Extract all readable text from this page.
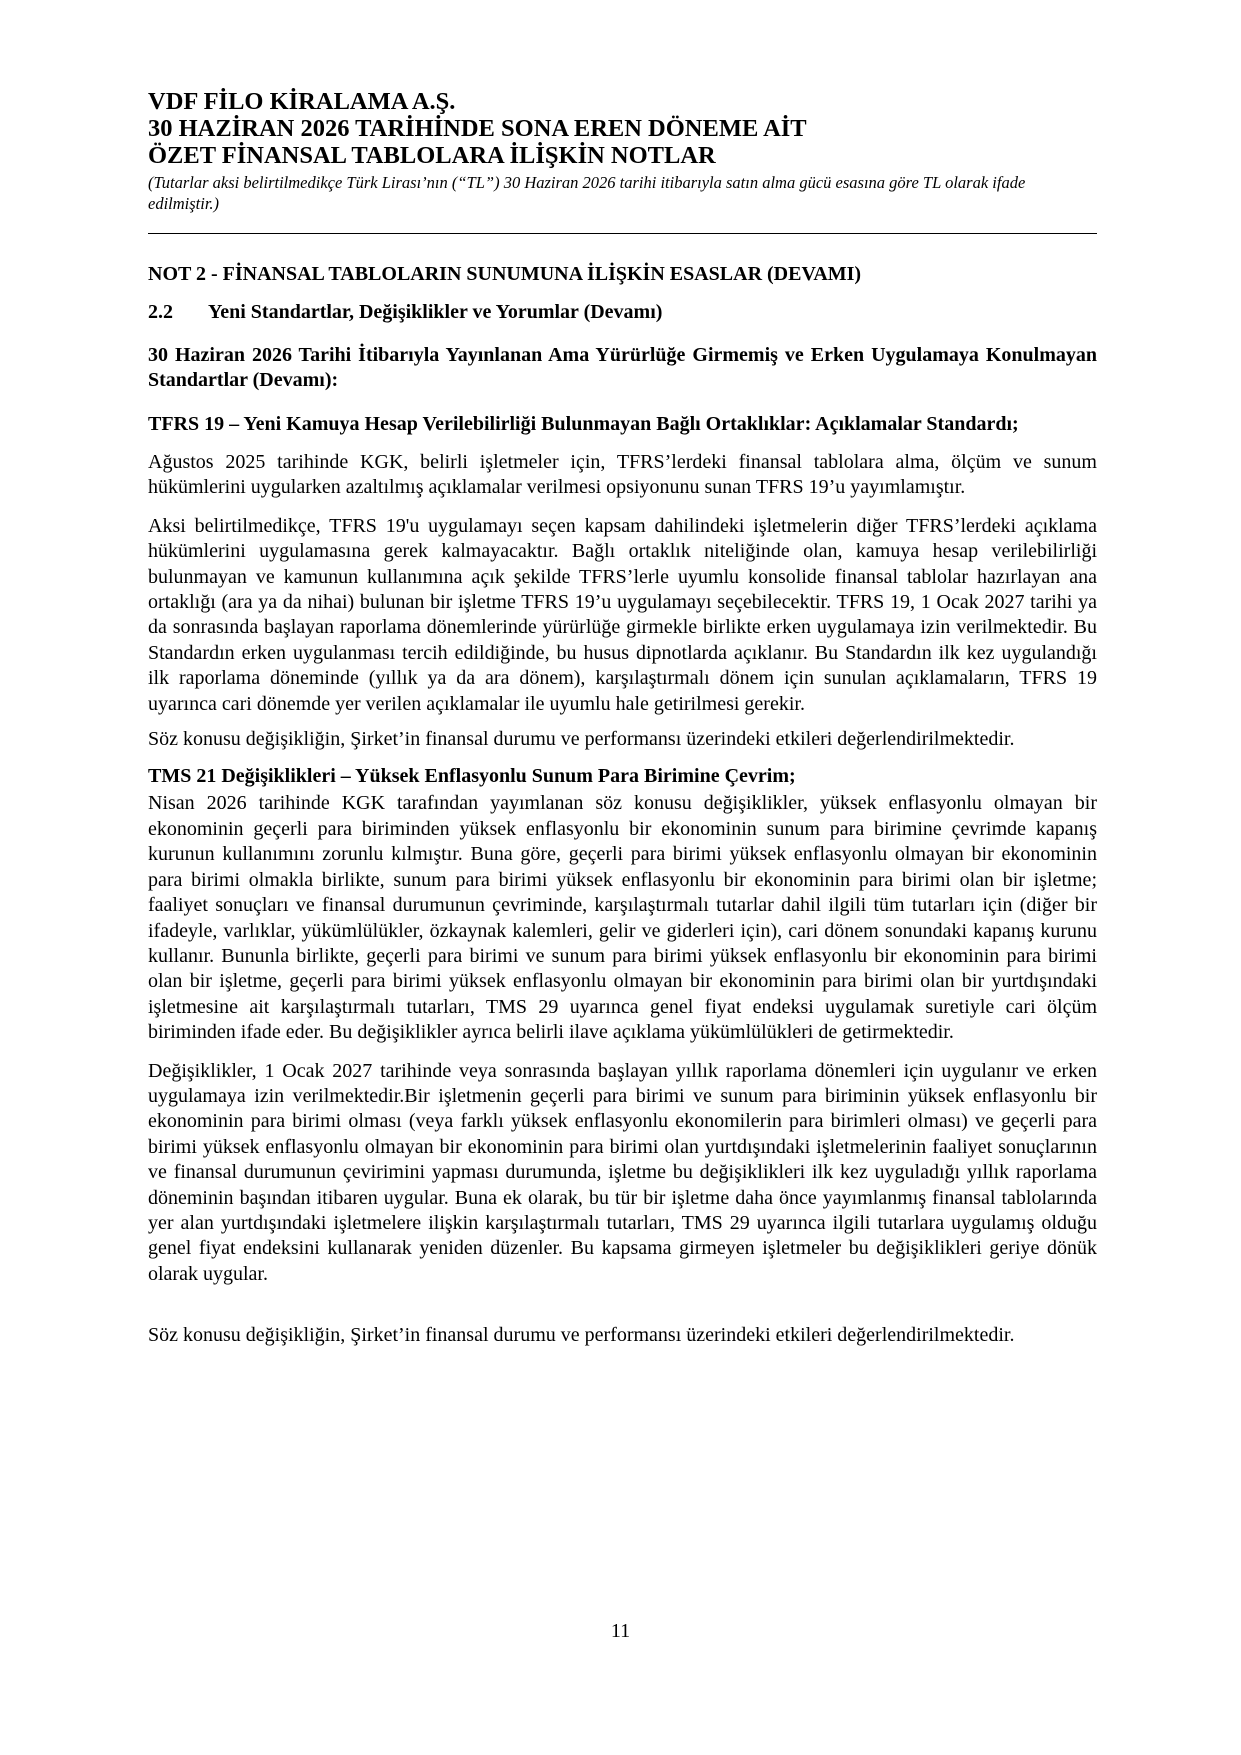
VDF FİLO KİRALAMA A.Ş.

30 HAZİRAN 2026 TARİHİNDE SONA EREN DÖNEME AİT

ÖZET FİNANSAL TABLOLARA İLİŞKİN NOTLAR

(Tutarlar aksi belirtilmedikçe Türk Lirası’nın (“TL”) 30 Haziran 2026 tarihi itibarıyla satın alma gücü esasına göre TL olarak ifade edilmiştir.)

NOT 2 - FİNANSAL TABLOLARIN SUNUMUNA İLİŞKİN ESASLAR (DEVAMI)

2.2	Yeni Standartlar, Değişiklikler ve Yorumlar (Devamı)

30 Haziran 2026 Tarihi İtibarıyla Yayınlanan Ama Yürürlüğe Girmemiş ve Erken Uygulamaya Konulmayan Standartlar (Devamı):

TFRS 19 – Yeni Kamuya Hesap Verilebilirliği Bulunmayan Bağlı Ortaklıklar: Açıklamalar Standardı;

Ağustos 2025 tarihinde KGK, belirli işletmeler için, TFRS’lerdeki finansal tablolara alma, ölçüm ve sunum hükümlerini uygularken azaltılmış açıklamalar verilmesi opsiyonunu sunan TFRS 19’u yayımlamıştır.

Aksi belirtilmedikçe, TFRS 19'u uygulamayı seçen kapsam dahilindeki işletmelerin diğer TFRS’lerdeki açıklama hükümlerini uygulamasına gerek kalmayacaktır. Bağlı ortaklık niteliğinde olan, kamuya hesap verilebilirliği bulunmayan ve kamunun kullanımına açık şekilde TFRS’lerle uyumlu konsolide finansal tablolar hazırlayan ana ortaklığı (ara ya da nihai) bulunan bir işletme TFRS 19’u uygulamayı seçebilecektir. TFRS 19, 1 Ocak 2027 tarihi ya da sonrasında başlayan raporlama dönemlerinde yürürlüğe girmekle birlikte erken uygulamaya izin verilmektedir. Bu Standardın erken uygulanması tercih edildiğinde, bu husus dipnotlarda açıklanır. Bu Standardın ilk kez uygulandığı ilk raporlama döneminde (yıllık ya da ara dönem), karşılaştırmalı dönem için sunulan açıklamaların, TFRS 19 uyarınca cari dönemde yer verilen açıklamalar ile uyumlu hale getirilmesi gerekir.

Söz konusu değişikliğin, Şirket’in finansal durumu ve performansı üzerindeki etkileri değerlendirilmektedir.

TMS 21 Değişiklikleri – Yüksek Enflasyonlu Sunum Para Birimine Çevrim;

Nisan 2026 tarihinde KGK tarafından yayımlanan söz konusu değişiklikler, yüksek enflasyonlu olmayan bir ekonominin geçerli para biriminden yüksek enflasyonlu bir ekonominin sunum para birimine çevrimde kapanış kurunun kullanımını zorunlu kılmıştır. Buna göre, geçerli para birimi yüksek enflasyonlu olmayan bir ekonominin para birimi olmakla birlikte, sunum para birimi yüksek enflasyonlu bir ekonominin para birimi olan bir işletme; faaliyet sonuçları ve finansal durumunun çevriminde, karşılaştırmalı tutarlar dahil ilgili tüm tutarları için (diğer bir ifadeyle, varlıklar, yükümlülükler, özkaynak kalemleri, gelir ve giderleri için), cari dönem sonundaki kapanış kurunu kullanır. Bununla birlikte, geçerli para birimi ve sunum para birimi yüksek enflasyonlu bir ekonominin para birimi olan bir işletme, geçerli para birimi yüksek enflasyonlu olmayan bir ekonominin para birimi olan bir yurtdışındaki işletmesine ait karşılaştırmalı tutarları, TMS 29 uyarınca genel fiyat endeksi uygulamak suretiyle cari ölçüm biriminden ifade eder. Bu değişiklikler ayrıca belirli ilave açıklama yükümlülükleri de getirmektedir.

Değişiklikler, 1 Ocak 2027 tarihinde veya sonrasında başlayan yıllık raporlama dönemleri için uygulanır ve erken uygulamaya izin verilmektedir.Bir işletmenin geçerli para birimi ve sunum para biriminin yüksek enflasyonlu bir ekonominin para birimi olması (veya farklı yüksek enflasyonlu ekonomilerin para birimleri olması) ve geçerli para birimi yüksek enflasyonlu olmayan bir ekonominin para birimi olan yurtdışındaki işletmelerinin faaliyet sonuçlarının ve finansal durumunun çevirimini yapması durumunda, işletme bu değişiklikleri ilk kez uyguladığı yıllık raporlama döneminin başından itibaren uygular. Buna ek olarak, bu tür bir işletme daha önce yayımlanmış finansal tablolarında yer alan yurtdışındaki işletmelere ilişkin karşılaştırmalı tutarları, TMS 29 uyarınca ilgili tutarlara uygulamış olduğu genel fiyat endeksini kullanarak yeniden düzenler. Bu kapsama girmeyen işletmeler bu değişiklikleri geriye dönük olarak uygular.

Söz konusu değişikliğin, Şirket’in finansal durumu ve performansı üzerindeki etkileri değerlendirilmektedir.

11
